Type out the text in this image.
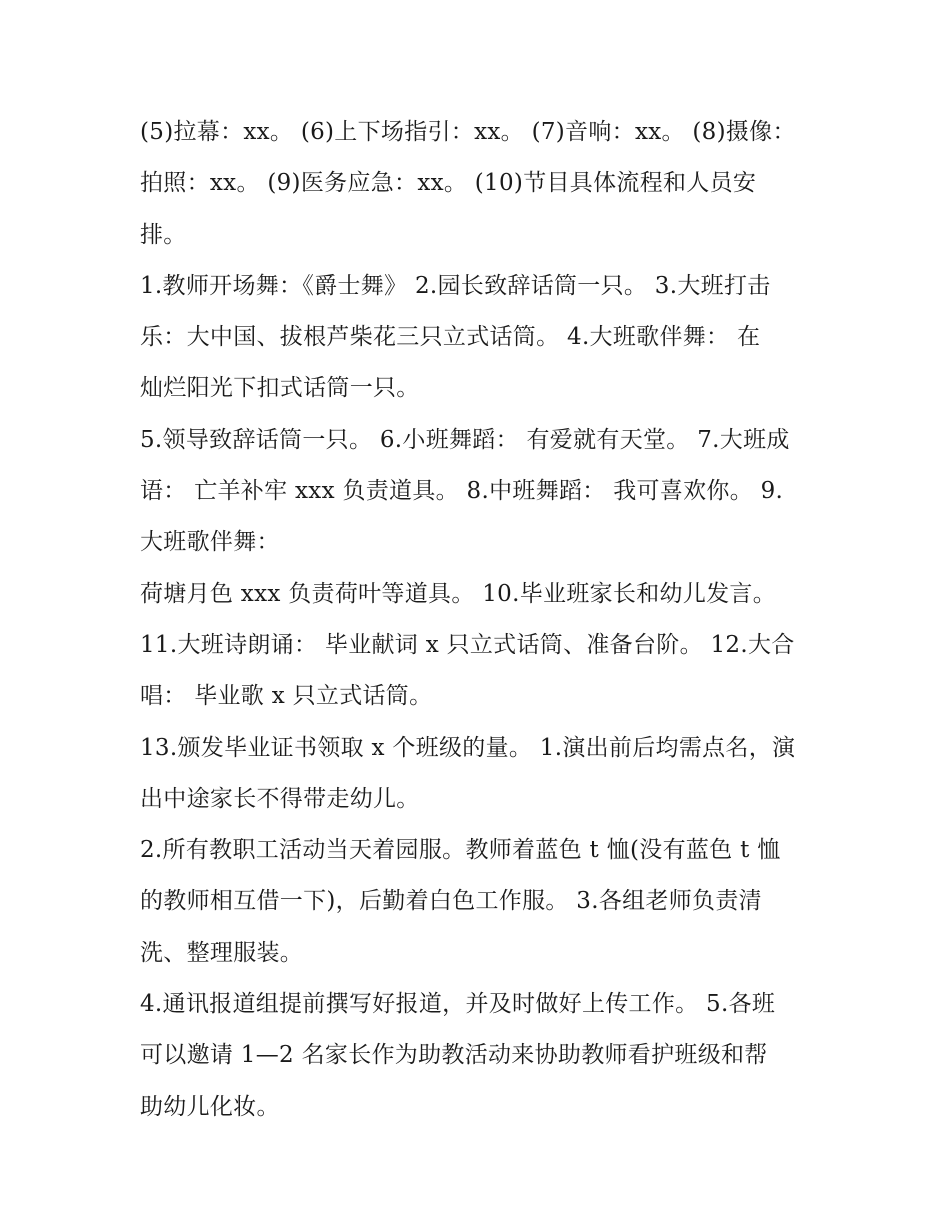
(5)拉幕：xx。 (6)上下场指引：xx。 (7)音响：xx。 (8)摄像：
拍照：xx。 (9)医务应急：xx。 (10)节目具体流程和人员安
排。
1.教师开场舞：《爵士舞》 2.园长致辞话筒一只。 3.大班打击
乐：大中国、拔根芦柴花三只立式话筒。 4.大班歌伴舞： 在
灿烂阳光下扣式话筒一只。
5.领导致辞话筒一只。 6.小班舞蹈： 有爱就有天堂。 7.大班成
语： 亡羊补牢 xxx 负责道具。 8.中班舞蹈： 我可喜欢你。 9.
大班歌伴舞：
荷塘月色 xxx 负责荷叶等道具。 10.毕业班家长和幼儿发言。
11.大班诗朗诵： 毕业献词 x 只立式话筒、准备台阶。 12.大合
唱： 毕业歌 x 只立式话筒。
13.颁发毕业证书领取 x 个班级的量。 1.演出前后均需点名，演
出中途家长不得带走幼儿。
2.所有教职工活动当天着园服。教师着蓝色 t 恤(没有蓝色 t 恤
的教师相互借一下)，后勤着白色工作服。 3.各组老师负责清
洗、整理服装。
4.通讯报道组提前撰写好报道，并及时做好上传工作。 5.各班
可以邀请 1—2 名家长作为助教活动来协助教师看护班级和帮
助幼儿化妆。
